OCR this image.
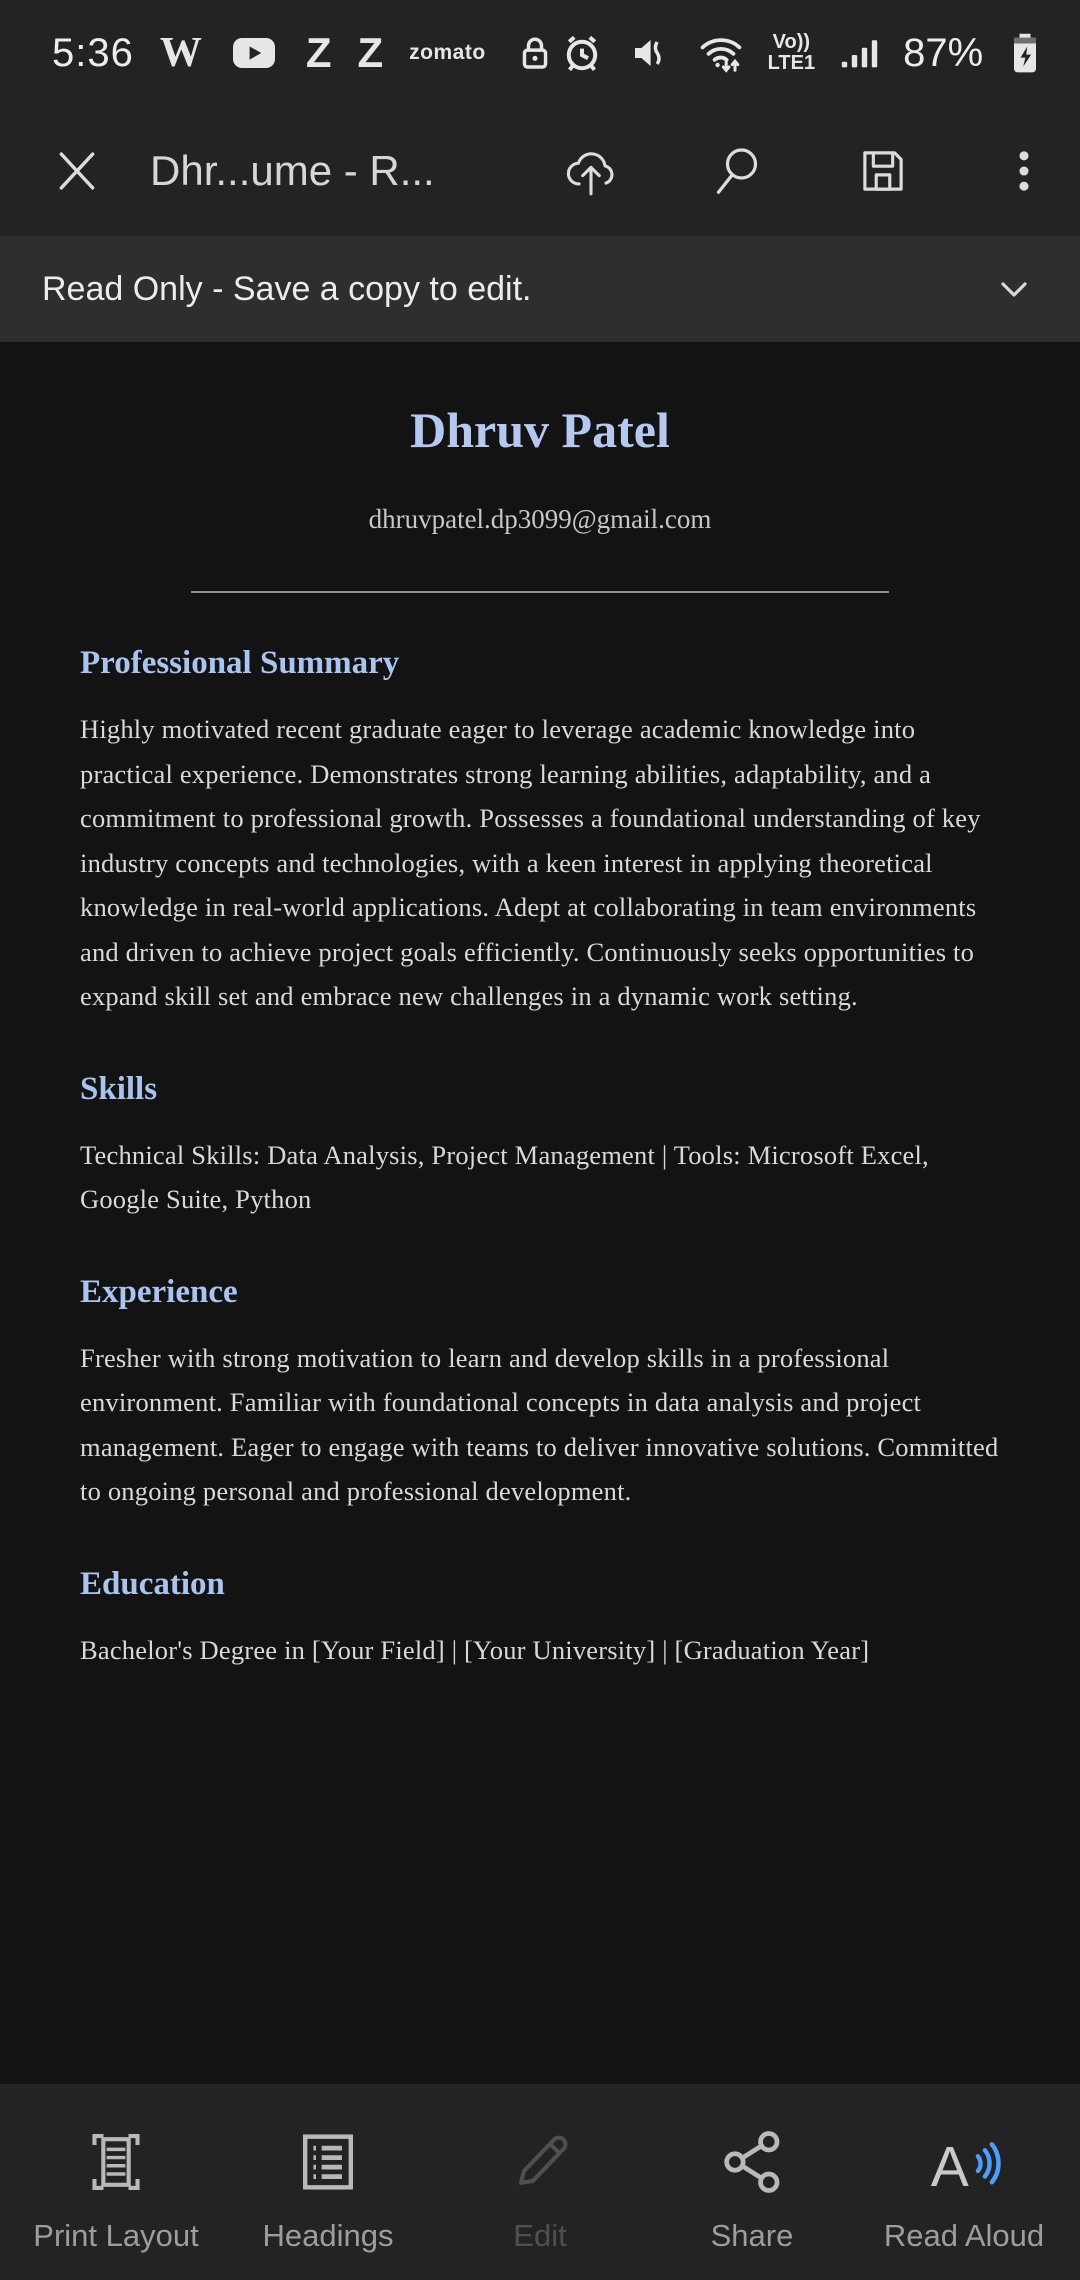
5:36 W Z Z zomato	Vo))
LTE1 87%
Dhr...ume - R...
Read Only - Save a copy to edit.
Dhruv Patel
dhruvpatel.dp3099@gmail.com
Professional Summary
Highly motivated recent graduate eager to leverage academic knowledge into practical experience. Demonstrates strong learning abilities, adaptability, and a commitment to professional growth. Possesses a foundational understanding of key industry concepts and technologies, with a keen interest in applying theoretical knowledge in real-world applications. Adept at collaborating in team environments and driven to achieve project goals efficiently. Continuously seeks opportunities to expand skill set and embrace new challenges in a dynamic work setting.
Skills
Technical Skills: Data Analysis, Project Management | Tools: Microsoft Excel, Google Suite, Python
Experience
Fresher with strong motivation to learn and develop skills in a professional environment. Familiar with foundational concepts in data analysis and project management. Eager to engage with teams to deliver innovative solutions. Committed to ongoing personal and professional development.
Education
Bachelor's Degree in [Your Field] | [Your University] | [Graduation Year]
Print Layout Headings	Edit	Share
A
Read Aloud
